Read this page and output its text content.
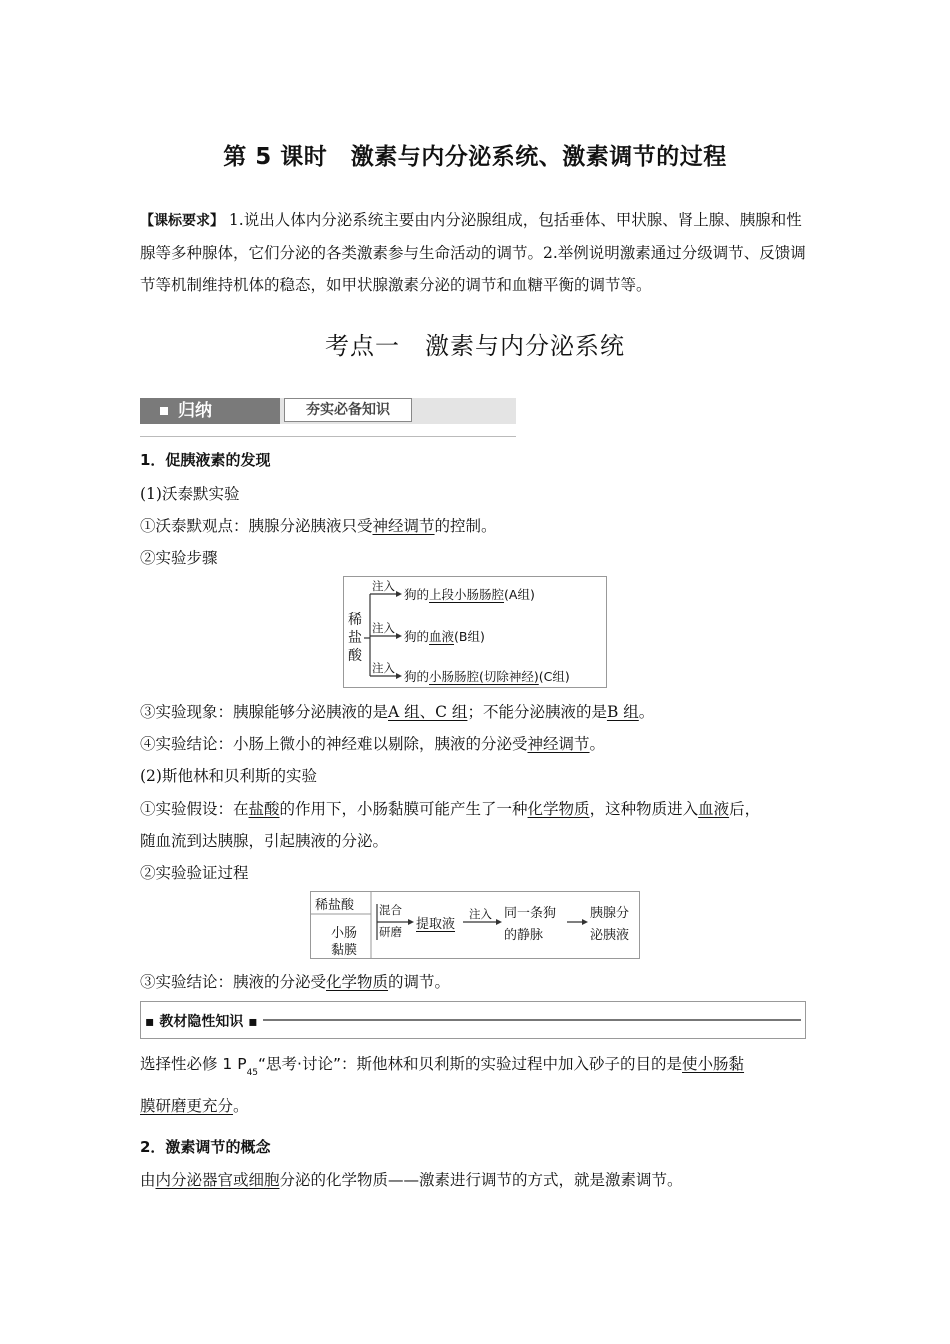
第 5 课时　激素与内分泌系统、激素调节的过程
【课标要求】 1.说出人体内分泌系统主要由内分泌腺组成，包括垂体、甲状腺、肾上腺、胰腺和性腺等多种腺体，它们分泌的各类激素参与生命活动的调节。2.举例说明激素通过分级调节、反馈调节等机制维持机体的稳态，如甲状腺激素分泌的调节和血糖平衡的调节等。
考点一　激素与内分泌系统
归纳	夯实必备知识
1．促胰液素的发现
(1)沃泰默实验
①沃泰默观点：胰腺分泌胰液只受神经调节的控制。
②实验步骤
稀
盐
酸
注入
注入
注入
狗的上段小肠肠腔(A组)
狗的血液(B组)
狗的小肠肠腔(切除神经)(C组)
③实验现象：胰腺能够分泌胰液的是A 组、C 组；不能分泌胰液的是B 组。
④实验结论：小肠上微小的神经难以剔除，胰液的分泌受神经调节。
(2)斯他林和贝利斯的实验
①实验假设：在盐酸的作用下，小肠黏膜可能产生了一种化学物质，这种物质进入血液后，
随血流到达胰腺，引起胰液的分泌。
②实验验证过程
稀盐酸
小肠
黏膜
混合
研磨 提取液
注入 同一条狗
的静脉
胰腺分
泌胰液
③实验结论：胰液的分泌受化学物质的调节。
▪ 教材隐性知识 ▪
选择性必修 1 $P_{45}“$思考·讨论”：斯他林和贝利斯的实验过程中加入砂子的目的是使小肠黏
膜研磨更充分。
2．激素调节的概念
由内分泌器官或细胞分泌的化学物质——激素进行调节的方式，就是激素调节。
